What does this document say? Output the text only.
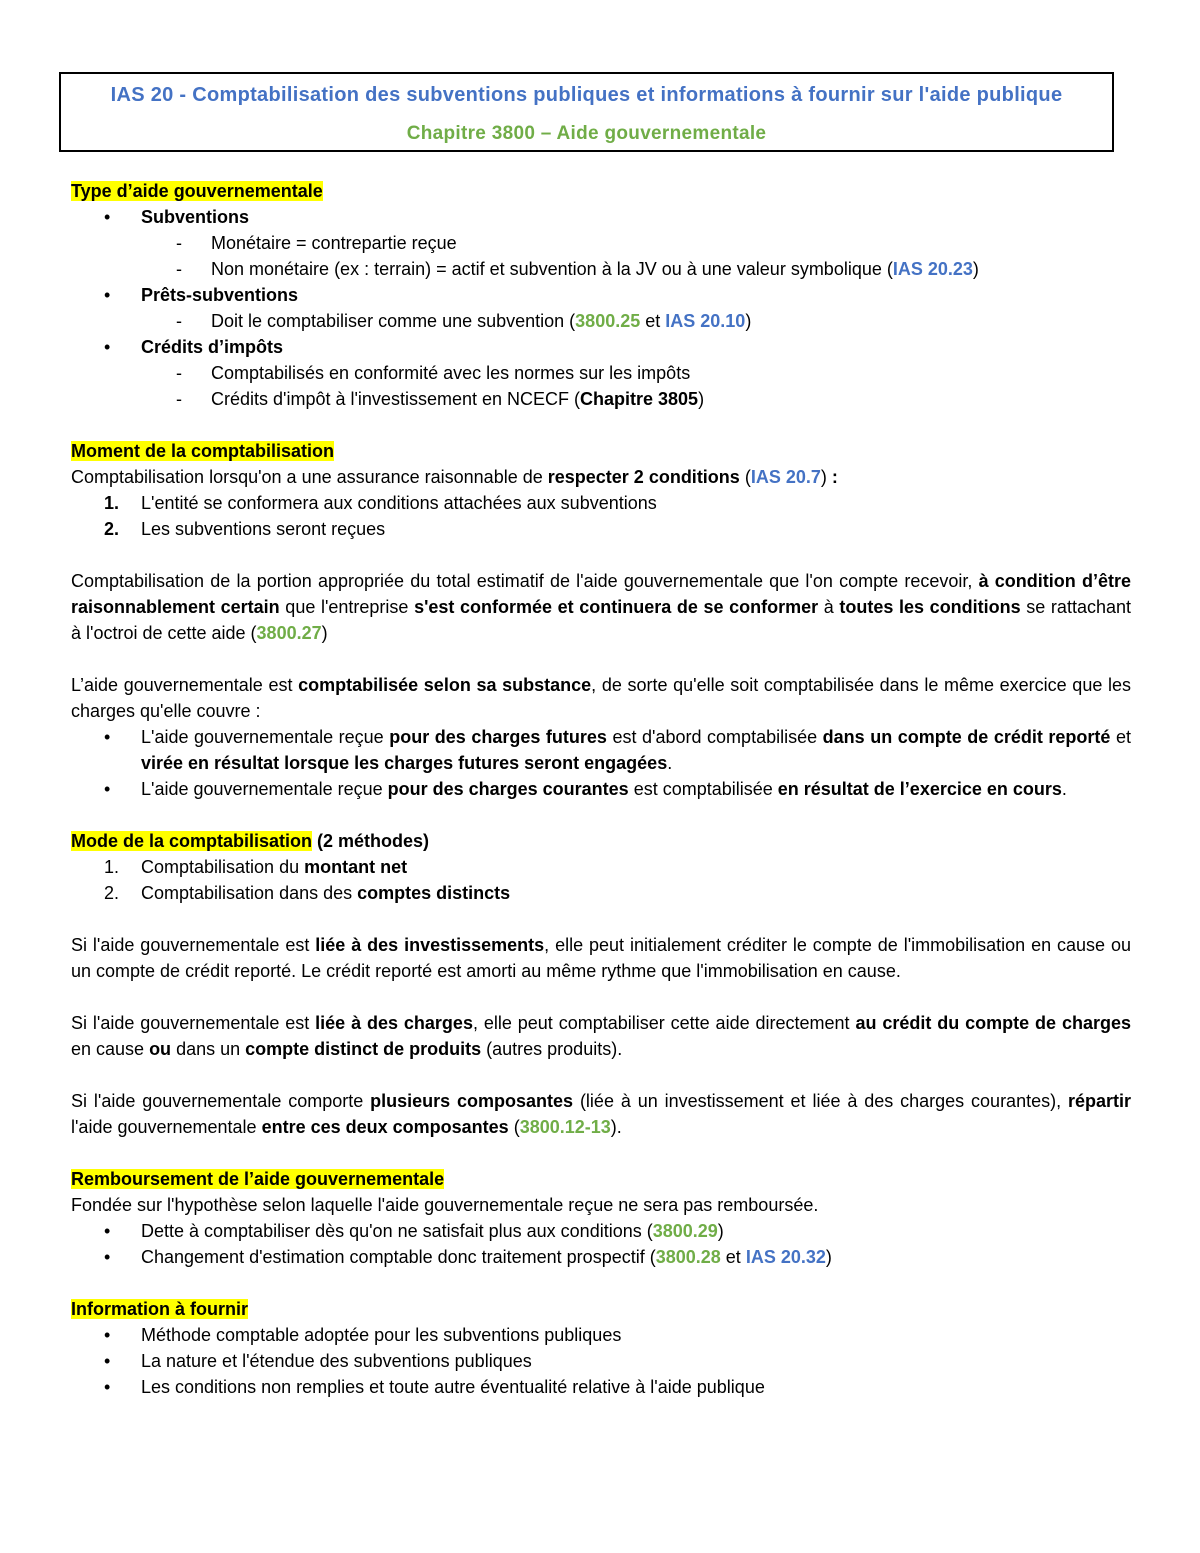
IAS 20 - Comptabilisation des subventions publiques et informations à fournir sur l'aide publique
Chapitre 3800 – Aide gouvernementale
Type d’aide gouvernementale
•	Subventions
- Monétaire = contrepartie reçue
- Non monétaire (ex : terrain) = actif et subvention à la JV ou à une valeur symbolique (IAS 20.23)
•	Prêts-subventions
- Doit le comptabiliser comme une subvention (3800.25 et IAS 20.10)
•	Crédits d’impôts
- Comptabilisés en conformité avec les normes sur les impôts
- Crédits d'impôt à l'investissement en NCECF (Chapitre 3805)
Moment de la comptabilisation
Comptabilisation lorsqu'on a une assurance raisonnable de respecter 2 conditions (IAS 20.7) :
1. L'entité se conformera aux conditions attachées aux subventions
2. Les subventions seront reçues
Comptabilisation de la portion appropriée du total estimatif de l'aide gouvernementale que l'on compte recevoir, à condition d’être raisonnablement certain que l'entreprise s'est conformée et continuera de se conformer à toutes les conditions se rattachant à l'octroi de cette aide (3800.27)
L’aide gouvernementale est comptabilisée selon sa substance, de sorte qu'elle soit comptabilisée dans le même exercice que les charges qu'elle couvre :
•	L'aide gouvernementale reçue pour des charges futures est d'abord comptabilisée dans un compte de crédit reporté et virée en résultat lorsque les charges futures seront engagées.
•	L'aide gouvernementale reçue pour des charges courantes est comptabilisée en résultat de l’exercice en cours.
Mode de la comptabilisation (2 méthodes)
1. Comptabilisation du montant net
2. Comptabilisation dans des comptes distincts
Si l'aide gouvernementale est liée à des investissements, elle peut initialement créditer le compte de l'immobilisation en cause ou un compte de crédit reporté. Le crédit reporté est amorti au même rythme que l'immobilisation en cause.
Si l'aide gouvernementale est liée à des charges, elle peut comptabiliser cette aide directement au crédit du compte de charges en cause ou dans un compte distinct de produits (autres produits).
Si l'aide gouvernementale comporte plusieurs composantes (liée à un investissement et liée à des charges courantes), répartir l'aide gouvernementale entre ces deux composantes (3800.12-13).
Remboursement de l’aide gouvernementale
Fondée sur l'hypothèse selon laquelle l'aide gouvernementale reçue ne sera pas remboursée.
•	Dette à comptabiliser dès qu'on ne satisfait plus aux conditions (3800.29)
•	Changement d'estimation comptable donc traitement prospectif (3800.28 et IAS 20.32)
Information à fournir
•	Méthode comptable adoptée pour les subventions publiques
•	La nature et l'étendue des subventions publiques
•	Les conditions non remplies et toute autre éventualité relative à l'aide publique
